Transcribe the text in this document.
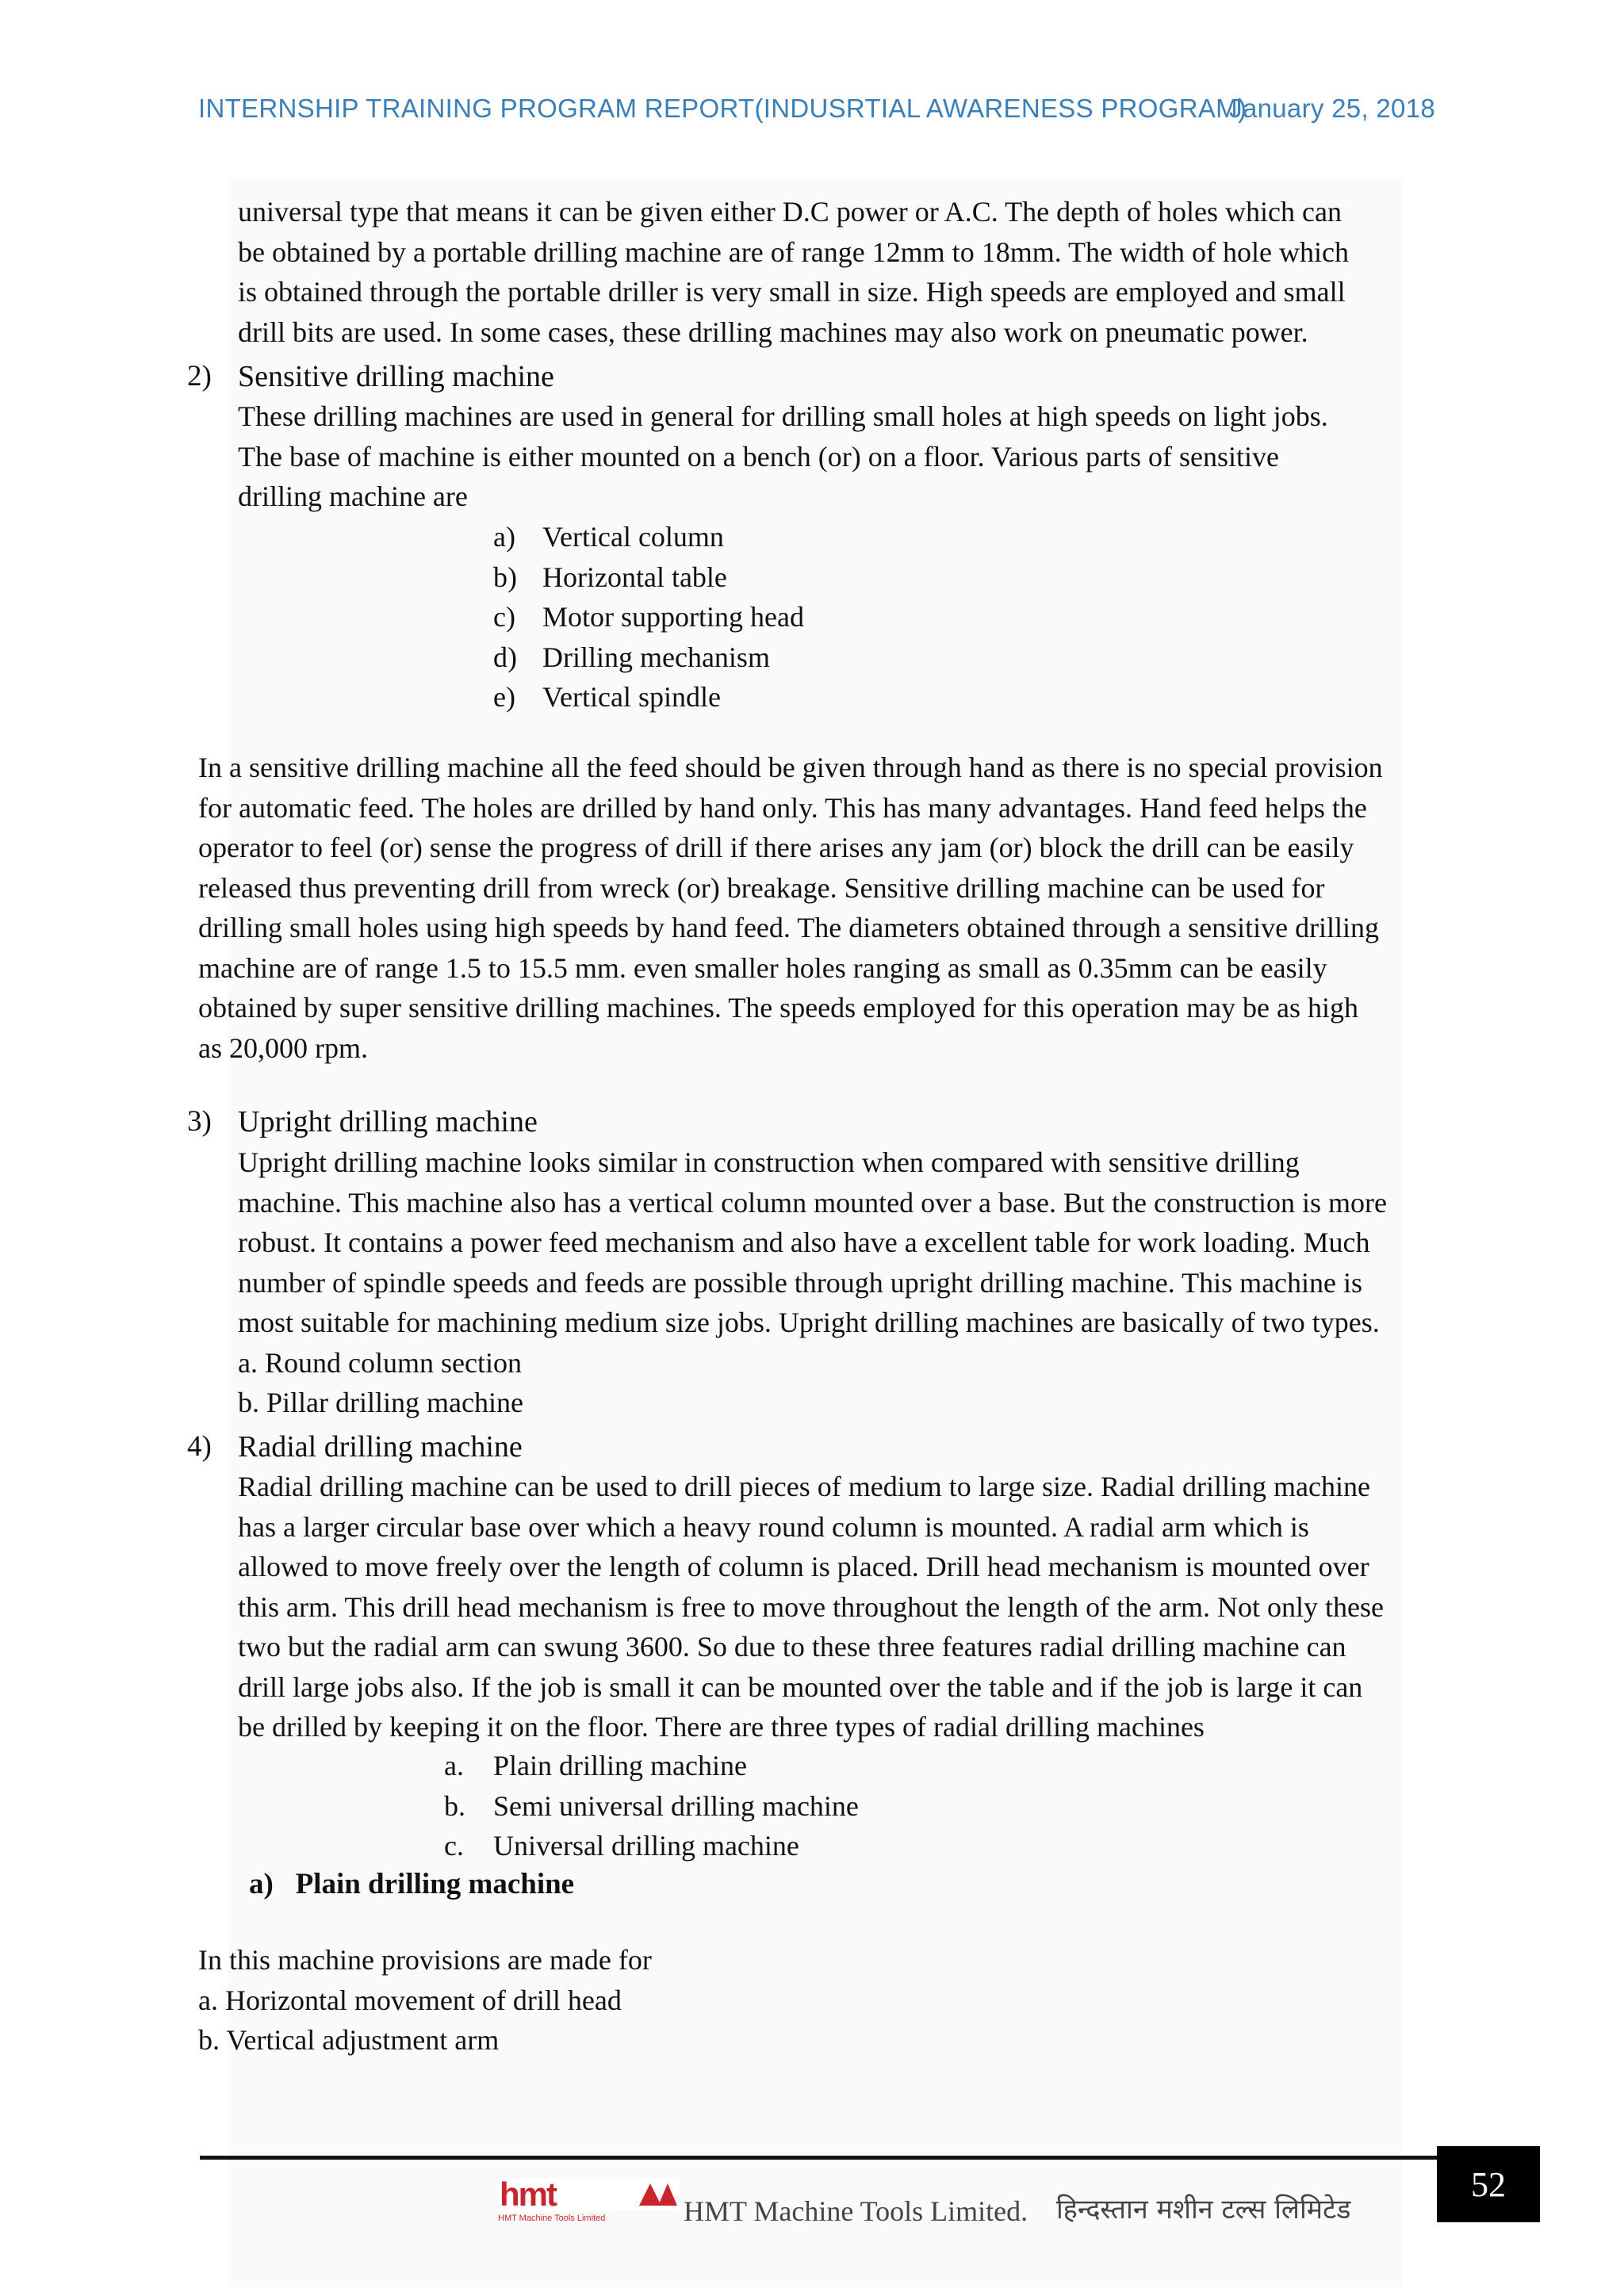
INTERNSHIP TRAINING PROGRAM REPORT(INDUSRTIAL AWARENESS PROGRAM)
January 25, 2018
universal type that means it can be given either D.C power or A.C. The depth of holes which can
be obtained by a portable drilling machine are of range 12mm to 18mm. The width of hole which
is obtained through the portable driller is very small in size. High speeds are employed and small
drill bits are used. In some cases, these drilling machines may also work on pneumatic power.
2) Sensitive drilling machine
These drilling machines are used in general for drilling small holes at high speeds on light jobs.
The base of machine is either mounted on a bench (or) on a floor. Various parts of sensitive
drilling machine are
a) Vertical column
b) Horizontal table
c) Motor supporting head
d) Drilling mechanism
e) Vertical spindle
In a sensitive drilling machine all the feed should be given through hand as there is no special provision
for automatic feed. The holes are drilled by hand only. This has many advantages. Hand feed helps the
operator to feel (or) sense the progress of drill if there arises any jam (or) block the drill can be easily
released thus preventing drill from wreck (or) breakage. Sensitive drilling machine can be used for
drilling small holes using high speeds by hand feed. The diameters obtained through a sensitive drilling
machine are of range 1.5 to 15.5 mm. even smaller holes ranging as small as 0.35mm can be easily
obtained by super sensitive drilling machines. The speeds employed for this operation may be as high
as 20,000 rpm.
3) Upright drilling machine
Upright drilling machine looks similar in construction when compared with sensitive drilling
machine. This machine also has a vertical column mounted over a base. But the construction is more
robust. It contains a power feed mechanism and also have a excellent table for work loading. Much
number of spindle speeds and feeds are possible through upright drilling machine. This machine is
most suitable for machining medium size jobs. Upright drilling machines are basically of two types.
a. Round column section
b. Pillar drilling machine
4) Radial drilling machine
Radial drilling machine can be used to drill pieces of medium to large size. Radial drilling machine
has a larger circular base over which a heavy round column is mounted. A radial arm which is
allowed to move freely over the length of column is placed. Drill head mechanism is mounted over
this arm. This drill head mechanism is free to move throughout the length of the arm. Not only these
two but the radial arm can swung 3600. So due to these three features radial drilling machine can
drill large jobs also. If the job is small it can be mounted over the table and if the job is large it can
be drilled by keeping it on the floor. There are three types of radial drilling machines
a. Plain drilling machine
b. Semi universal drilling machine
c. Universal drilling machine
a)   Plain drilling machine
In this machine provisions are made for
a. Horizontal movement of drill head
b. Vertical adjustment arm
hmt
HMT Machine Tools Limited	HMT Machine Tools Limited. हिन्दस्तान मशीन टल्स लिमिटेड
52
